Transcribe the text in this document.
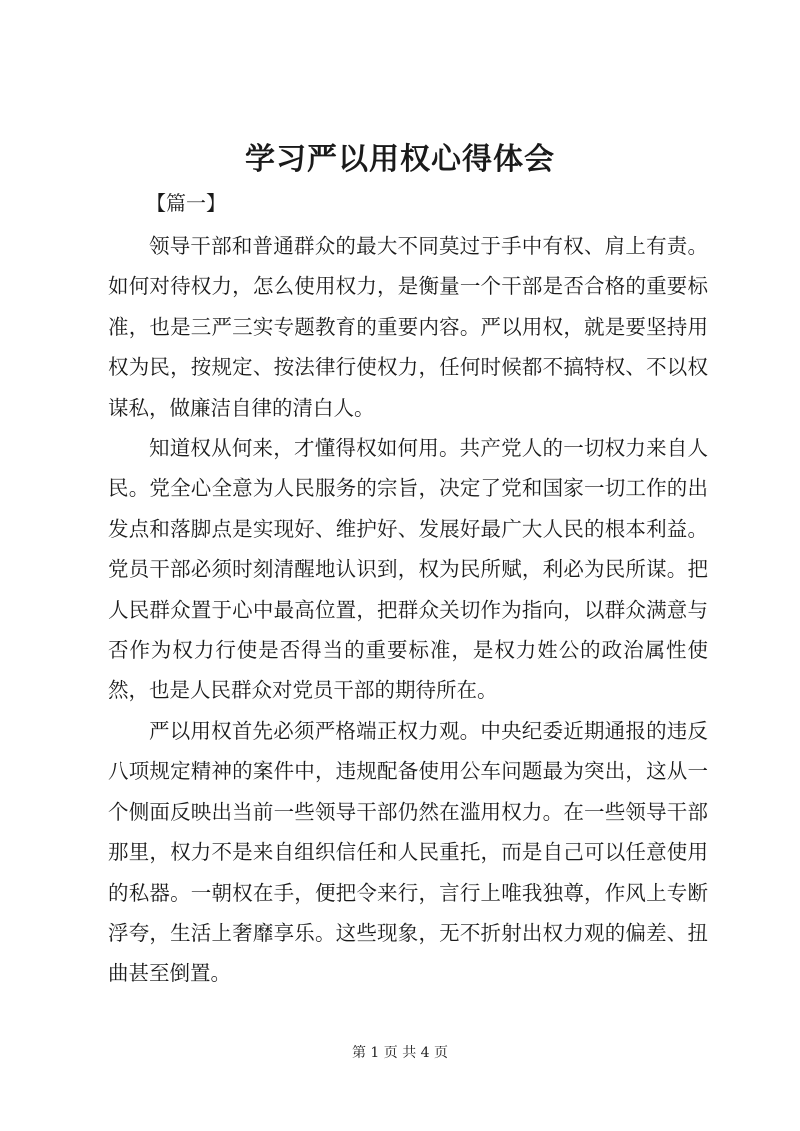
学习严以用权心得体会
【篇一】

领导干部和普通群众的最大不同莫过于手中有权、肩上有责。如何对待权力，怎么使用权力，是衡量一个干部是否合格的重要标准，也是三严三实专题教育的重要内容。严以用权，就是要坚持用权为民，按规定、按法律行使权力，任何时候都不搞特权、不以权谋私，做廉洁自律的清白人。

知道权从何来，才懂得权如何用。共产党人的一切权力来自人民。党全心全意为人民服务的宗旨，决定了党和国家一切工作的出发点和落脚点是实现好、维护好、发展好最广大人民的根本利益。党员干部必须时刻清醒地认识到，权为民所赋，利必为民所谋。把人民群众置于心中最高位置，把群众关切作为指向，以群众满意与否作为权力行使是否得当的重要标准，是权力姓公的政治属性使然，也是人民群众对党员干部的期待所在。

严以用权首先必须严格端正权力观。中央纪委近期通报的违反八项规定精神的案件中，违规配备使用公车问题最为突出，这从一个侧面反映出当前一些领导干部仍然在滥用权力。在一些领导干部那里，权力不是来自组织信任和人民重托，而是自己可以任意使用的私器。一朝权在手，便把令来行，言行上唯我独尊，作风上专断浮夸，生活上奢靡享乐。这些现象，无不折射出权力观的偏差、扭曲甚至倒置。

第 1 页 共 4 页
